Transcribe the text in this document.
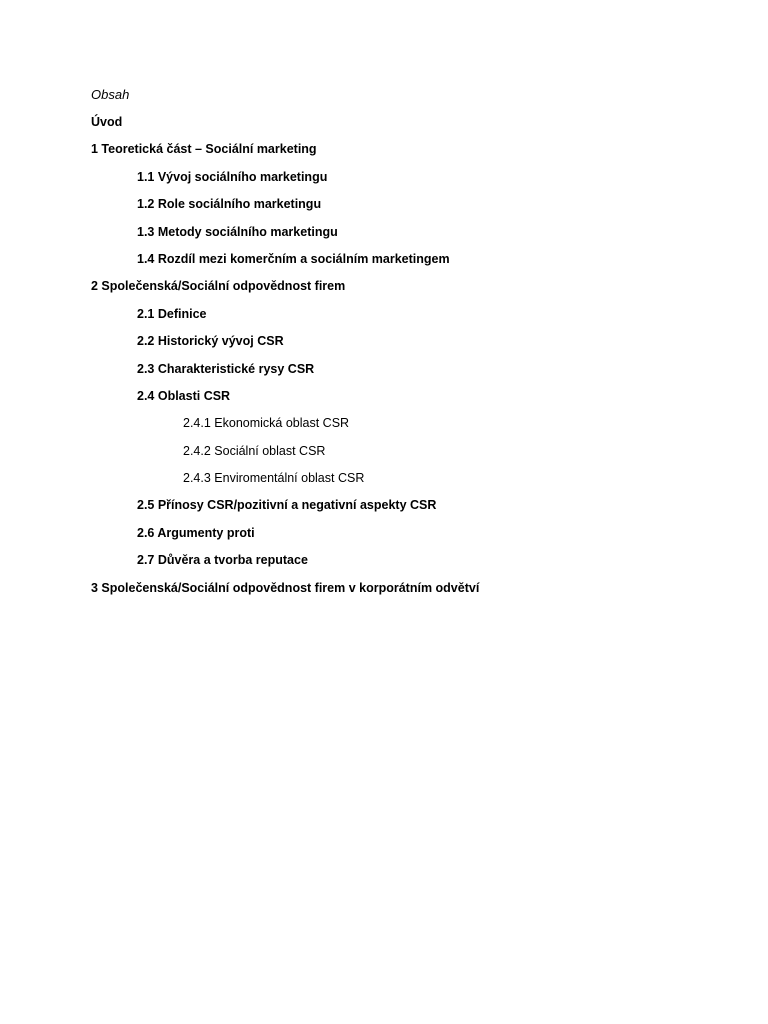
Obsah
Úvod
1 Teoretická část – Sociální marketing
1.1 Vývoj sociálního marketingu
1.2 Role sociálního marketingu
1.3 Metody sociálního marketingu
1.4 Rozdíl mezi komerčním a sociálním marketingem
2 Společenská/Sociální odpovědnost firem
2.1 Definice
2.2 Historický vývoj CSR
2.3 Charakteristické rysy CSR
2.4 Oblasti CSR
2.4.1 Ekonomická oblast CSR
2.4.2 Sociální oblast CSR
2.4.3 Enviromentální oblast CSR
2.5 Přínosy CSR/pozitivní a negativní aspekty CSR
2.6 Argumenty proti
2.7 Důvěra a tvorba reputace
3 Společenská/Sociální odpovědnost firem v korporátním odvětví
